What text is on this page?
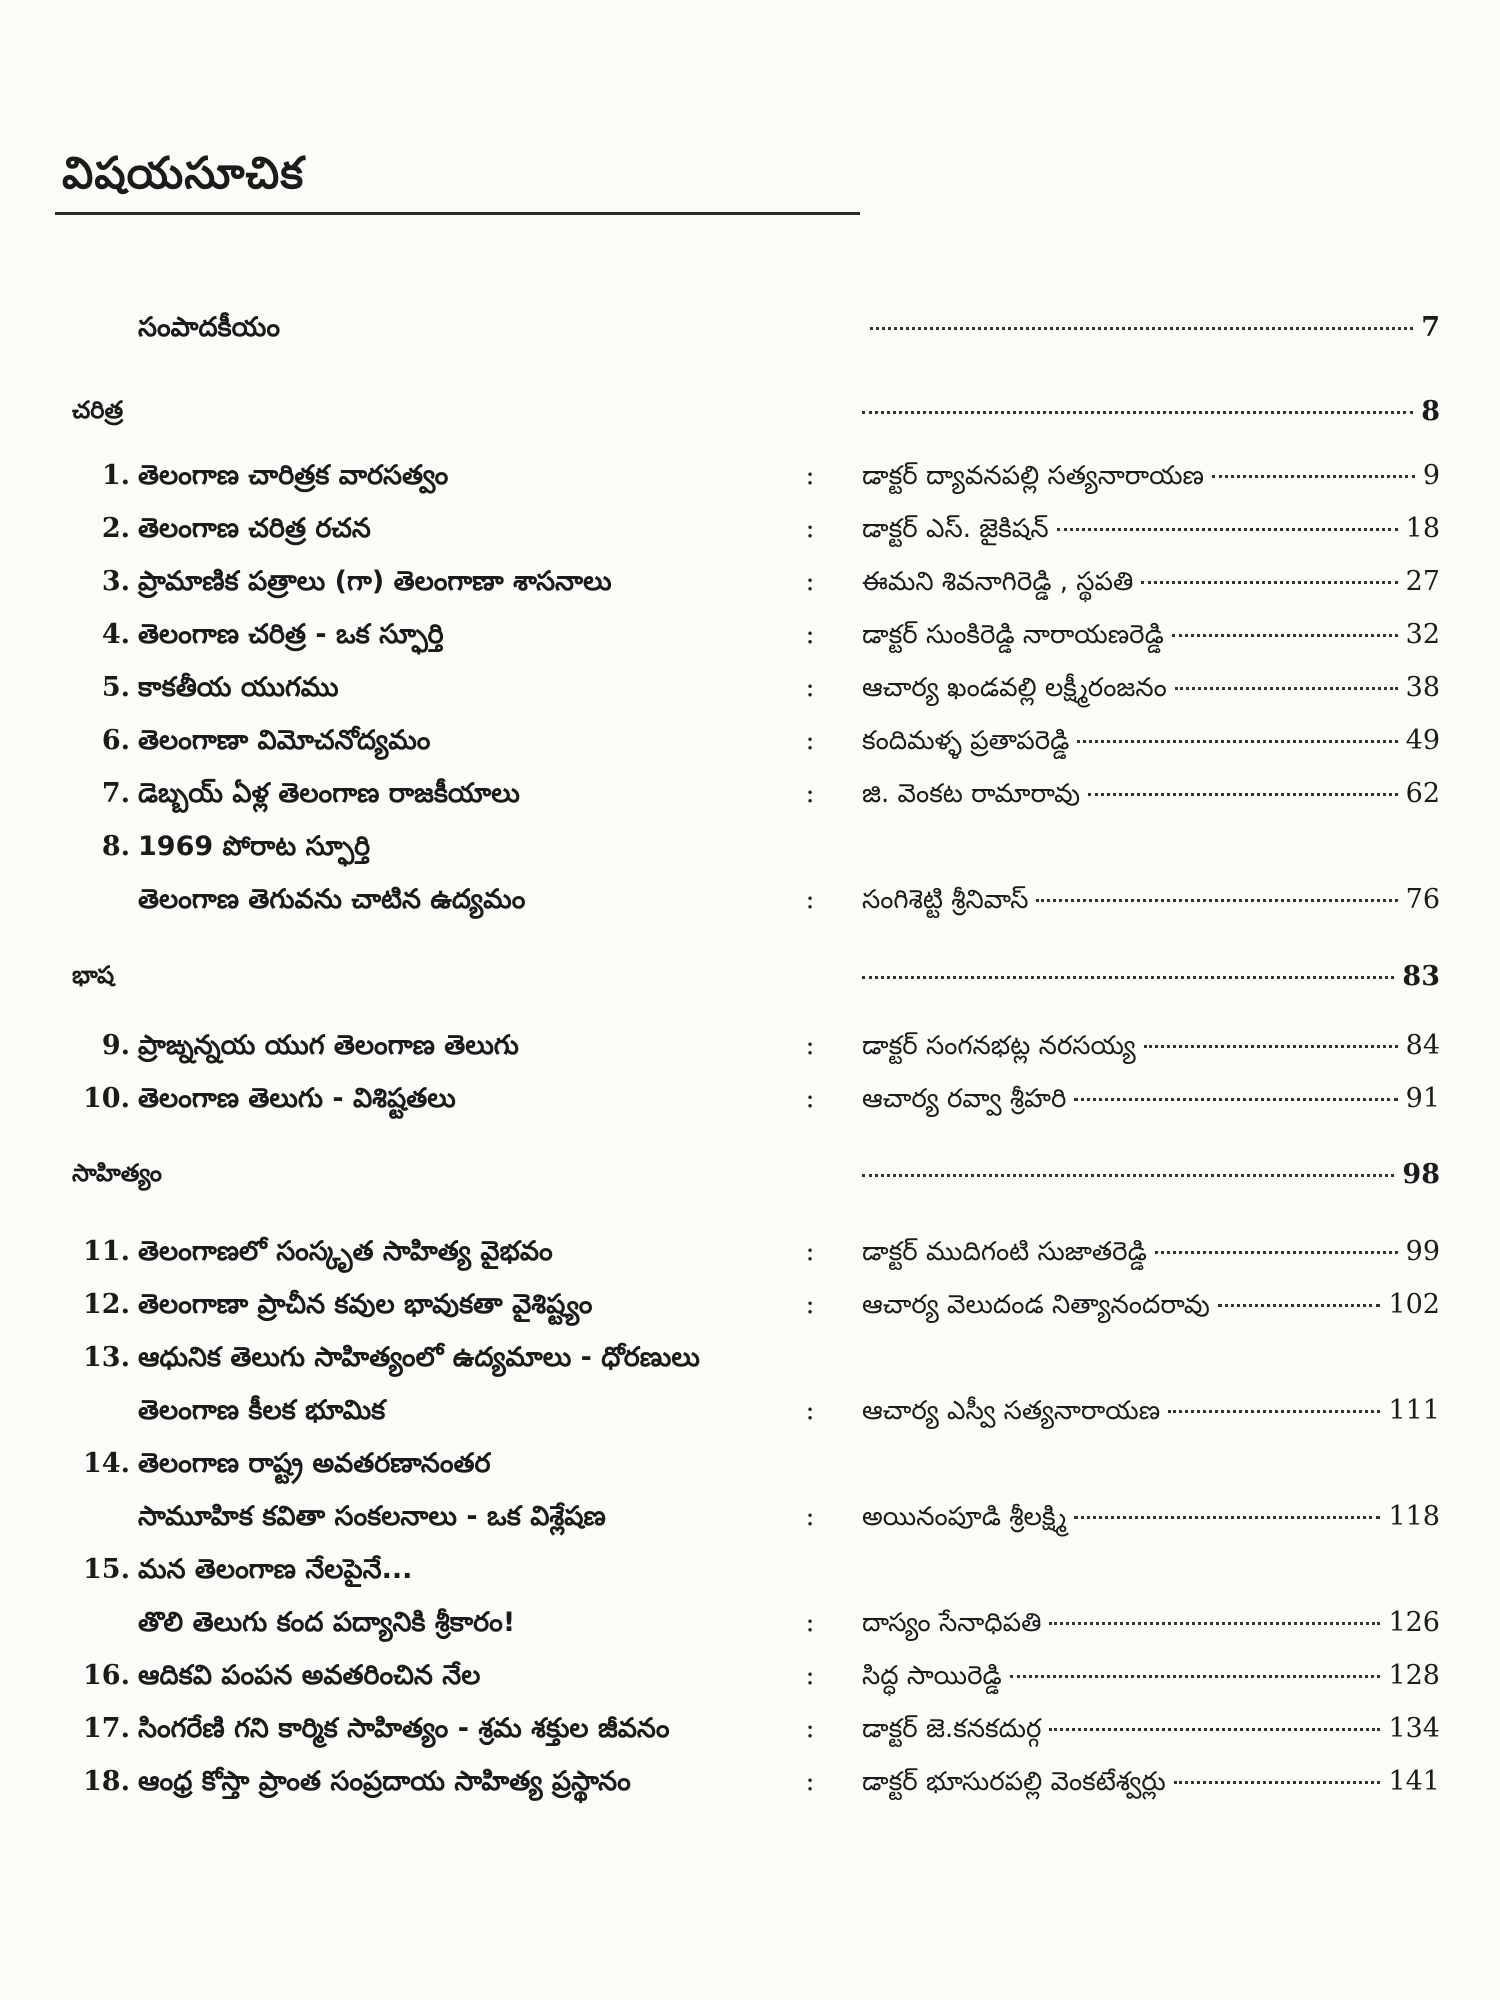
విషయసూచిక
సంపాదకీయం	7
చరిత్ర	8
1. తెలంగాణ చారిత్రక వారసత్వం	: డాక్టర్ ద్యావనపల్లి సత్యనారాయణ	9
2. తెలంగాణ చరిత్ర రచన	: డాక్టర్ ఎస్. జైకిషన్	18
3. ప్రామాణిక పత్రాలు (గా) తెలంగాణా శాసనాలు	: ఈమని శివనాగిరెడ్డి , స్థపతి	27
4. తెలంగాణ చరిత్ర - ఒక స్ఫూర్తి	: డాక్టర్ సుంకిరెడ్డి నారాయణరెడ్డి	32
5. కాకతీయ యుగము	: ఆచార్య ఖండవల్లి లక్ష్మీరంజనం	38
6. తెలంగాణా విమోచనోద్యమం	: కందిమళ్ళ ప్రతాపరెడ్డి	49
7. డెబ్బయ్ ఏళ్ల తెలంగాణ రాజకీయాలు	: జి. వెంకట రామారావు	62
8. 1969 పోరాట స్ఫూర్తి
తెలంగాణ తెగువను చాటిన ఉద్యమం	: సంగిశెట్టి శ్రీనివాస్	76
భాష	83
9. ప్రాఙ్నన్నయ యుగ తెలంగాణ తెలుగు	: డాక్టర్ సంగనభట్ల నరసయ్య	84
10. తెలంగాణ తెలుగు - విశిష్టతలు	: ఆచార్య రవ్వా శ్రీహరి	91
సాహిత్యం	98
11. తెలంగాణలో సంస్కృత సాహిత్య వైభవం	: డాక్టర్ ముదిగంటి సుజాతరెడ్డి	99
12. తెలంగాణా ప్రాచీన కవుల భావుకతా వైశిష్ట్యం	: ఆచార్య వెలుదండ నిత్యానందరావు	102
13. ఆధునిక తెలుగు సాహిత్యంలో ఉద్యమాలు - ధోరణులు
తెలంగాణ కీలక భూమిక	: ఆచార్య ఎస్వీ సత్యనారాయణ	111
14. తెలంగాణ రాష్ట్ర అవతరణానంతర
సామూహిక కవితా సంకలనాలు - ఒక విశ్లేషణ	: అయినంపూడి శ్రీలక్ష్మి	118
15. మన తెలంగాణ నేలపైనే...
తొలి తెలుగు కంద పద్యానికి శ్రీకారం!	: దాస్యం సేనాధిపతి	126
16. ఆదికవి పంపన అవతరించిన నేల	: సిద్ధ సాయిరెడ్డి	128
17. సింగరేణి గని కార్మిక సాహిత్యం - శ్రమ శక్తుల జీవనం	: డాక్టర్ జె.కనకదుర్గ	134
18. ఆంధ్ర కోస్తా ప్రాంత సంప్రదాయ సాహిత్య ప్రస్థానం	: డాక్టర్ భూసురపల్లి వెంకటేశ్వర్లు	141
